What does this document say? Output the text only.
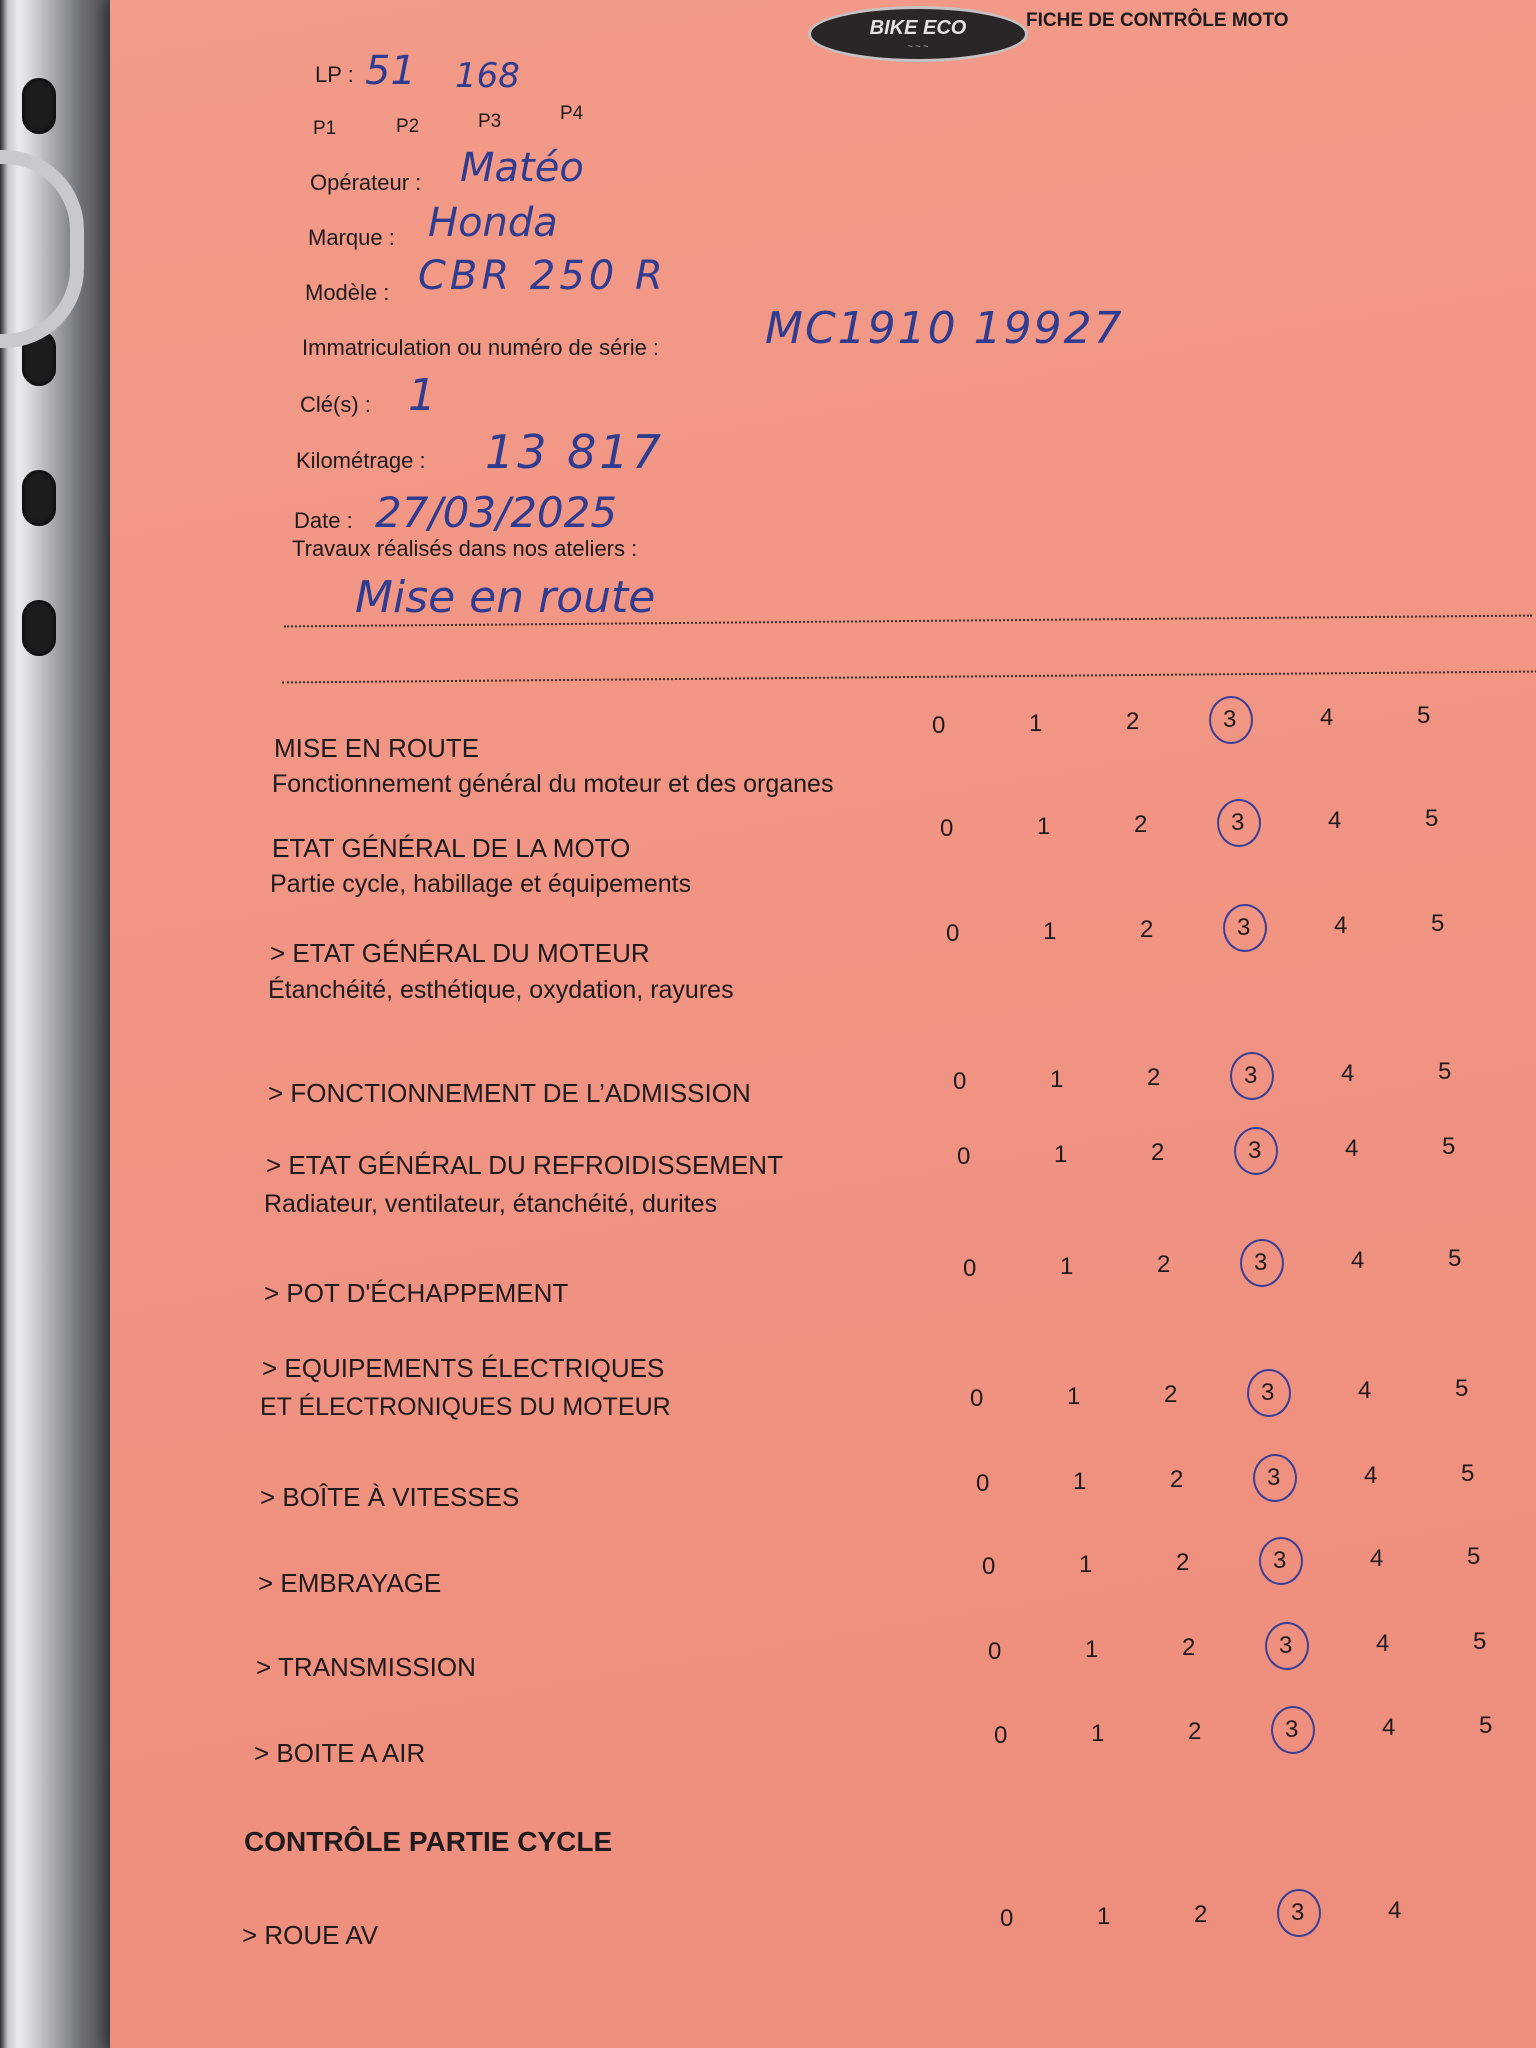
BIKE ECO
~ ~ ~
FICHE DE CONTRÔLE MOTO
LP : 51 168
P1	P2	P3	P4
Opérateur : Matéo
Marque : Honda
Modèle : CBR 250 R
Immatriculation ou numéro de série : MC1910 19927
Clé(s) : 1
Kilométrage : 13 817
Date : 27/03/2025
Travaux réalisés dans nos ateliers :
Mise en route
MISE EN ROUTE
Fonctionnement général du moteur et des organes
0	1	2	3	4	5
ETAT GÉNÉRAL DE LA MOTO
Partie cycle, habillage et équipements
0	1	2	3	4	5
> ETAT GÉNÉRAL DU MOTEUR
Étanchéité, esthétique, oxydation, rayures
0	1	2	3	4	5
> FONCTIONNEMENT DE L’ADMISSION	0	1	2	3	4	5
> ETAT GÉNÉRAL DU REFROIDISSEMENT
Radiateur, ventilateur, étanchéité, durites
0	1	2	3	4	5
> POT D'ÉCHAPPEMENT
0	1	2	3	4	5
> EQUIPEMENTS ÉLECTRIQUES
ET ÉLECTRONIQUES DU MOTEUR	0	1	2	3	4	5
> BOÎTE À VITESSES	0	1	2	3	4	5
> EMBRAYAGE
0	1	2	3	4	5
> TRANSMISSION
0	1	2	3	4	5
> BOITE A AIR
0	1	2	3	4	5
CONTRÔLE PARTIE CYCLE
> ROUE AV
0	1	2	3	4
